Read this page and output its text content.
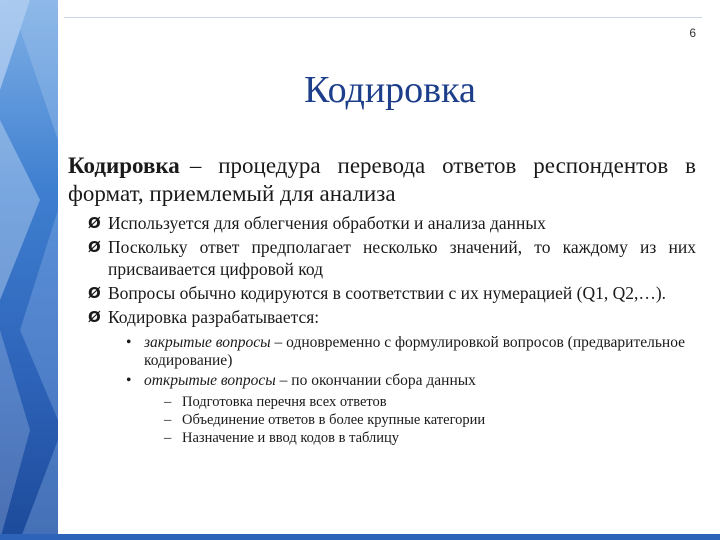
6
Кодировка

Кодировка – процедура перевода ответов респондентов в формат, приемлемый для анализа

Ø Используется для облегчения обработки и анализа данных
Ø Поскольку ответ предполагает несколько значений, то каждому из них присваивается цифровой код
Ø Вопросы обычно кодируются в соответствии с их нумерацией (Q1, Q2,…).
Ø Кодировка разрабатывается:
• закрытые вопросы – одновременно с формулировкой вопросов (предварительное кодирование)
• открытые вопросы – по окончании сбора данных
– Подготовка перечня всех ответов
– Объединение ответов в более крупные категории
– Назначение и ввод кодов в таблицу
